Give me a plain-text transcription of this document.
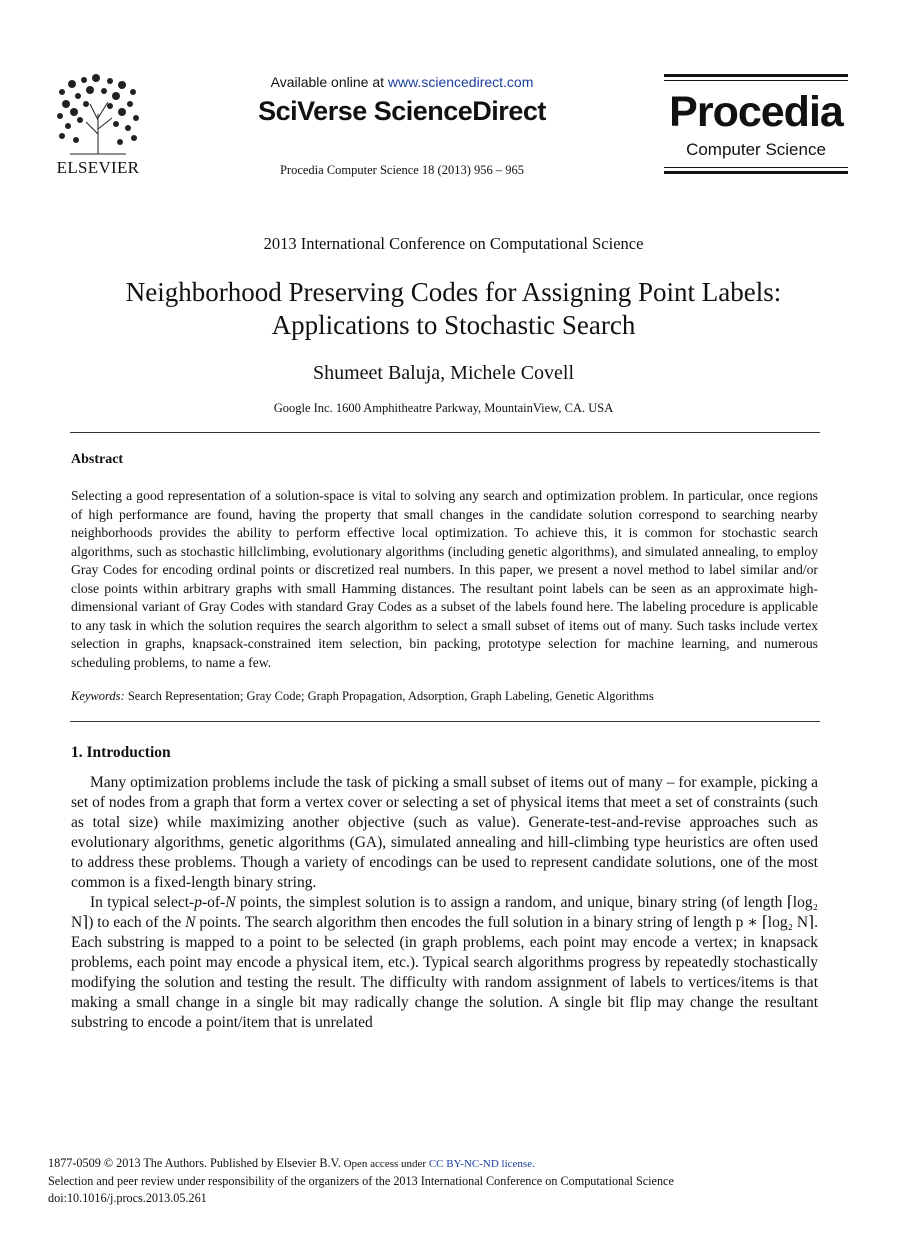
ELSEVIER
Available online at www.sciencedirect.com
SciVerse ScienceDirect
Procedia Computer Science 18 (2013) 956 – 965
Procedia
Computer Science
2013 International Conference on Computational Science
Neighborhood Preserving Codes for Assigning Point Labels:
Applications to Stochastic Search
Shumeet Baluja, Michele Covell
Google Inc. 1600 Amphitheatre Parkway, MountainView, CA. USA
Abstract
Selecting a good representation of a solution-space is vital to solving any search and optimization problem. In particular, once regions of high performance are found, having the property that small changes in the candidate solution correspond to searching nearby neighborhoods provides the ability to perform effective local optimization. To achieve this, it is common for stochastic search algorithms, such as stochastic hillclimbing, evolutionary algorithms (including genetic algorithms), and simulated annealing, to employ Gray Codes for encoding ordinal points or discretized real numbers. In this paper, we present a novel method to label similar and/or close points within arbitrary graphs with small Hamming distances. The resultant point labels can be seen as an approximate high-dimensional variant of Gray Codes with standard Gray Codes as a subset of the labels found here. The labeling procedure is applicable to any task in which the solution requires the search algorithm to select a small subset of items out of many. Such tasks include vertex selection in graphs, knapsack-constrained item selection, bin packing, prototype selection for machine learning, and numerous scheduling problems, to name a few.
Keywords: Search Representation; Gray Code; Graph Propagation, Adsorption, Graph Labeling, Genetic Algorithms
1. Introduction
Many optimization problems include the task of picking a small subset of items out of many – for example, picking a set of nodes from a graph that form a vertex cover or selecting a set of physical items that meet a set of constraints (such as total size) while maximizing another objective (such as value). Generate-test-and-revise approaches such as evolutionary algorithms, genetic algorithms (GA), simulated annealing and hill-climbing type heuristics are often used to address these problems. Though a variety of encodings can be used to represent candidate solutions, one of the most common is a fixed-length binary string.
In typical select-p-of-N points, the simplest solution is to assign a random, and unique, binary string (of length ⌈log₂ N⌉) to each of the N points. The search algorithm then encodes the full solution in a binary string of length p ∗ ⌈log₂ N⌉. Each substring is mapped to a point to be selected (in graph problems, each point may encode a vertex; in knapsack problems, each point may encode a physical item, etc.). Typical search algorithms progress by repeatedly stochastically modifying the solution and testing the result. The difficulty with random assignment of labels to vertices/items is that making a small change in a single bit may radically change the solution. A single bit flip may change the resultant substring to encode a point/item that is unrelated
1877-0509 © 2013 The Authors. Published by Elsevier B.V. Open access under CC BY-NC-ND license.
Selection and peer review under responsibility of the organizers of the 2013 International Conference on Computational Science
doi:10.1016/j.procs.2013.05.261
